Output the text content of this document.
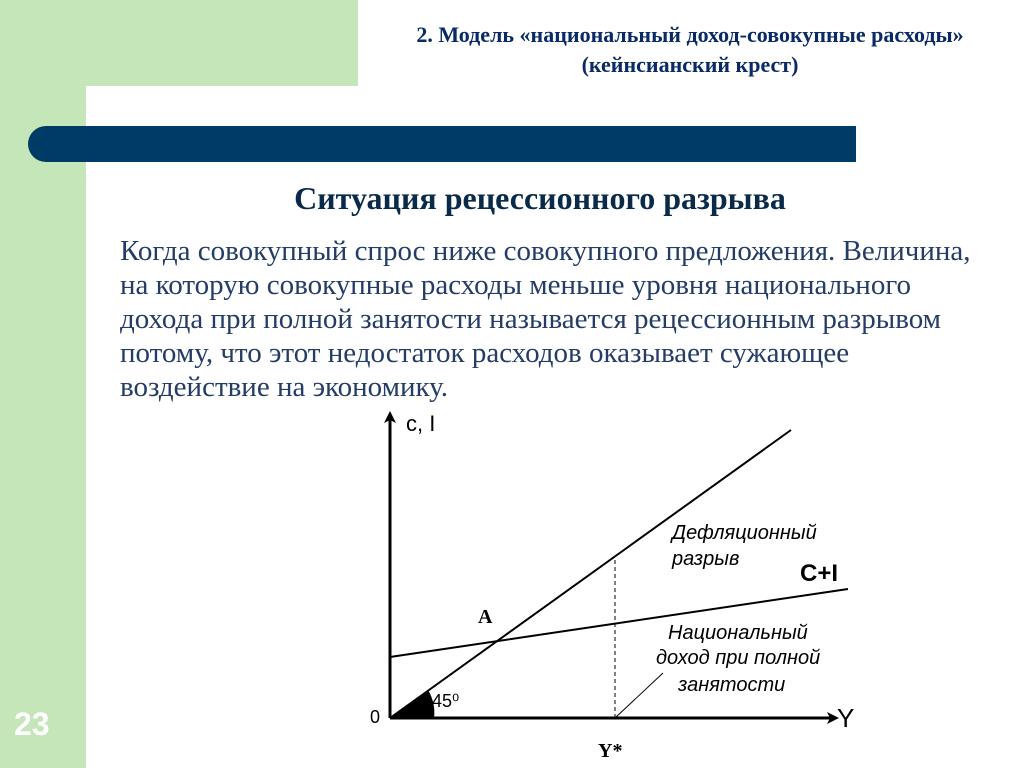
2. Модель «национальный доход-совокупные расходы» (кейнсианский крест)
Ситуация рецессионного разрыва

Когда совокупный спрос ниже совокупного предложения. Величина, на которую совокупные расходы меньше уровня национального дохода при полной занятости называется рецессионным разрывом потому, что этот недостаток расходов оказывает сужающее воздействие на экономику.

23
c, I
Y
0
45⁰
A
Y*
C+I
Дефляционный
разрыв
Национальный
доход при полной
занятости
